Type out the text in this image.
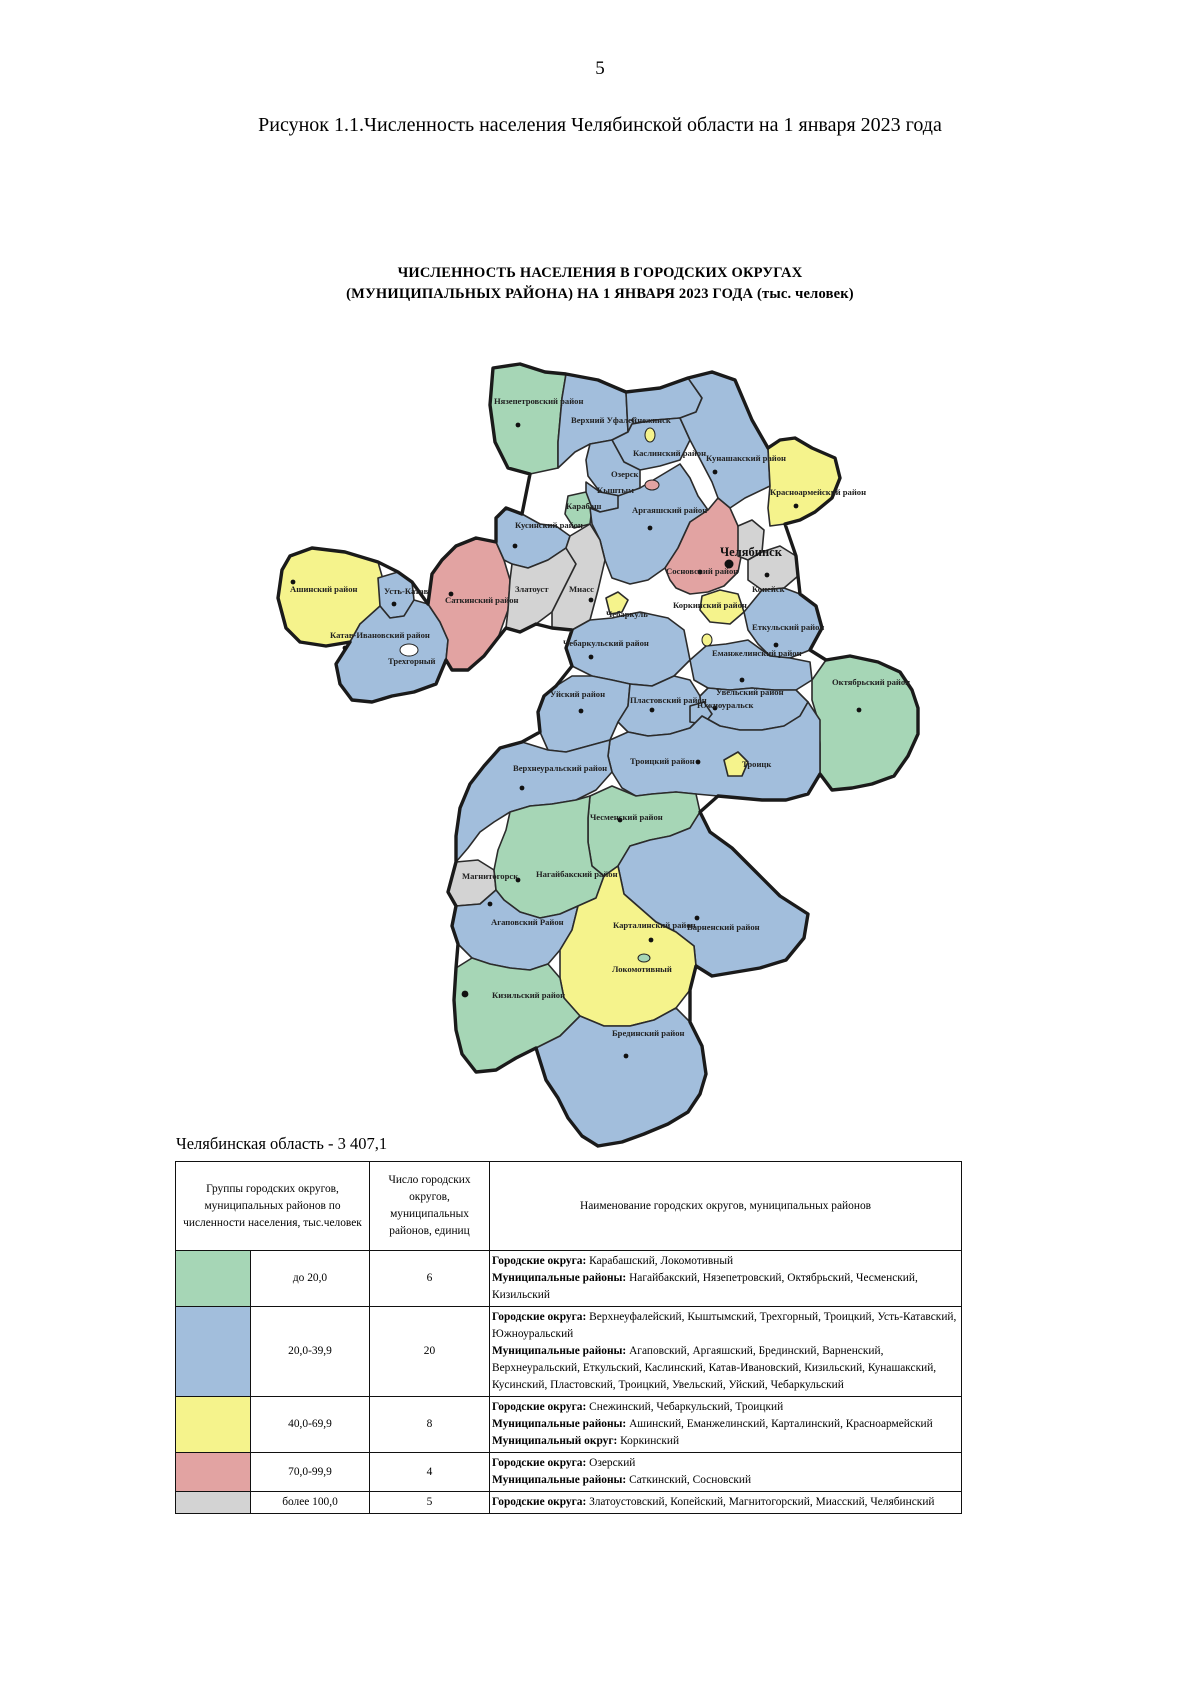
5
Рисунок 1.1.Численность населения Челябинской области на 1 января 2023 года
ЧИСЛЕННОСТЬ НАСЕЛЕНИЯ В ГОРОДСКИХ ОКРУГАХ
(МУНИЦИПАЛЬНЫХ РАЙОНА) НА 1 ЯНВАРЯ 2023 ГОДА (тыс. человек)
Нязепетровский район
Верхний Уфалей
Снежинск
Каслинский район Кунашакский район
Озерск
Кыштым
Карабаш	Аргаяшский район
Красноармейский район
Кусинский район
Челябинск
Ашинский район	Усть-Катав
Саткинский район
Златоуст Миасс
Сосновский район
Копейск
Чебаркуль
Коркинский район
Еткульский район
Катав-Ивановский район
Трехгорный
Чебаркульский район
Еманжелинский район
Октябрьский район
Уйский район
Пластовский район
Увельский район
Южноуральск
Троицкий район	Троицк
Верхнеуральский район
Чесменский район
Магнитогорск Нагайбакский район
Варненский район
Агаповский Район	Карталинский район
Локомотивный
Кизильский район
Брединский район
Челябинская область - 3 407,1
Группы городских округов, муниципальных районов по численности населения, тыс.человек		Число городских округов, муниципальных районов, единиц	Наименование городских округов, муниципальных районов
	до 20,0	6	Городские округа: Карабашский, Локомотивный
Муниципальные районы: Нагайбакский, Нязепетровский, Октябрьский, Чесменский, Кизильский

	20,0-39,9	20	Городские округа: Верхнеуфалейский, Кыштымский, Трехгорный, Троицкий, Усть-Катавский, Южноуральский
Муниципальные районы: Агаповский, Аргаяшский, Брединский, Варненский, Верхнеуральский, Еткульский, Каслинский, Катав-Ивановский, Кизильский, Кунашакский, Кусинский, Пластовский, Троицкий, Увельский, Уйский, Чебаркульский

	40,0-69,9	8	Городские округа: Снежинский, Чебаркульский, Троицкий
Муниципальные районы: Ашинский, Еманжелинский, Карталинский, Красноармейский
Муниципальный округ: Коркинский

	70,0-99,9	4	Городские округа: Озерский
Муниципальные районы: Саткинский, Сосновский

	более 100,0	5	Городские округа: Златоустовский, Копейский, Магнитогорский, Миасский, Челябинский
